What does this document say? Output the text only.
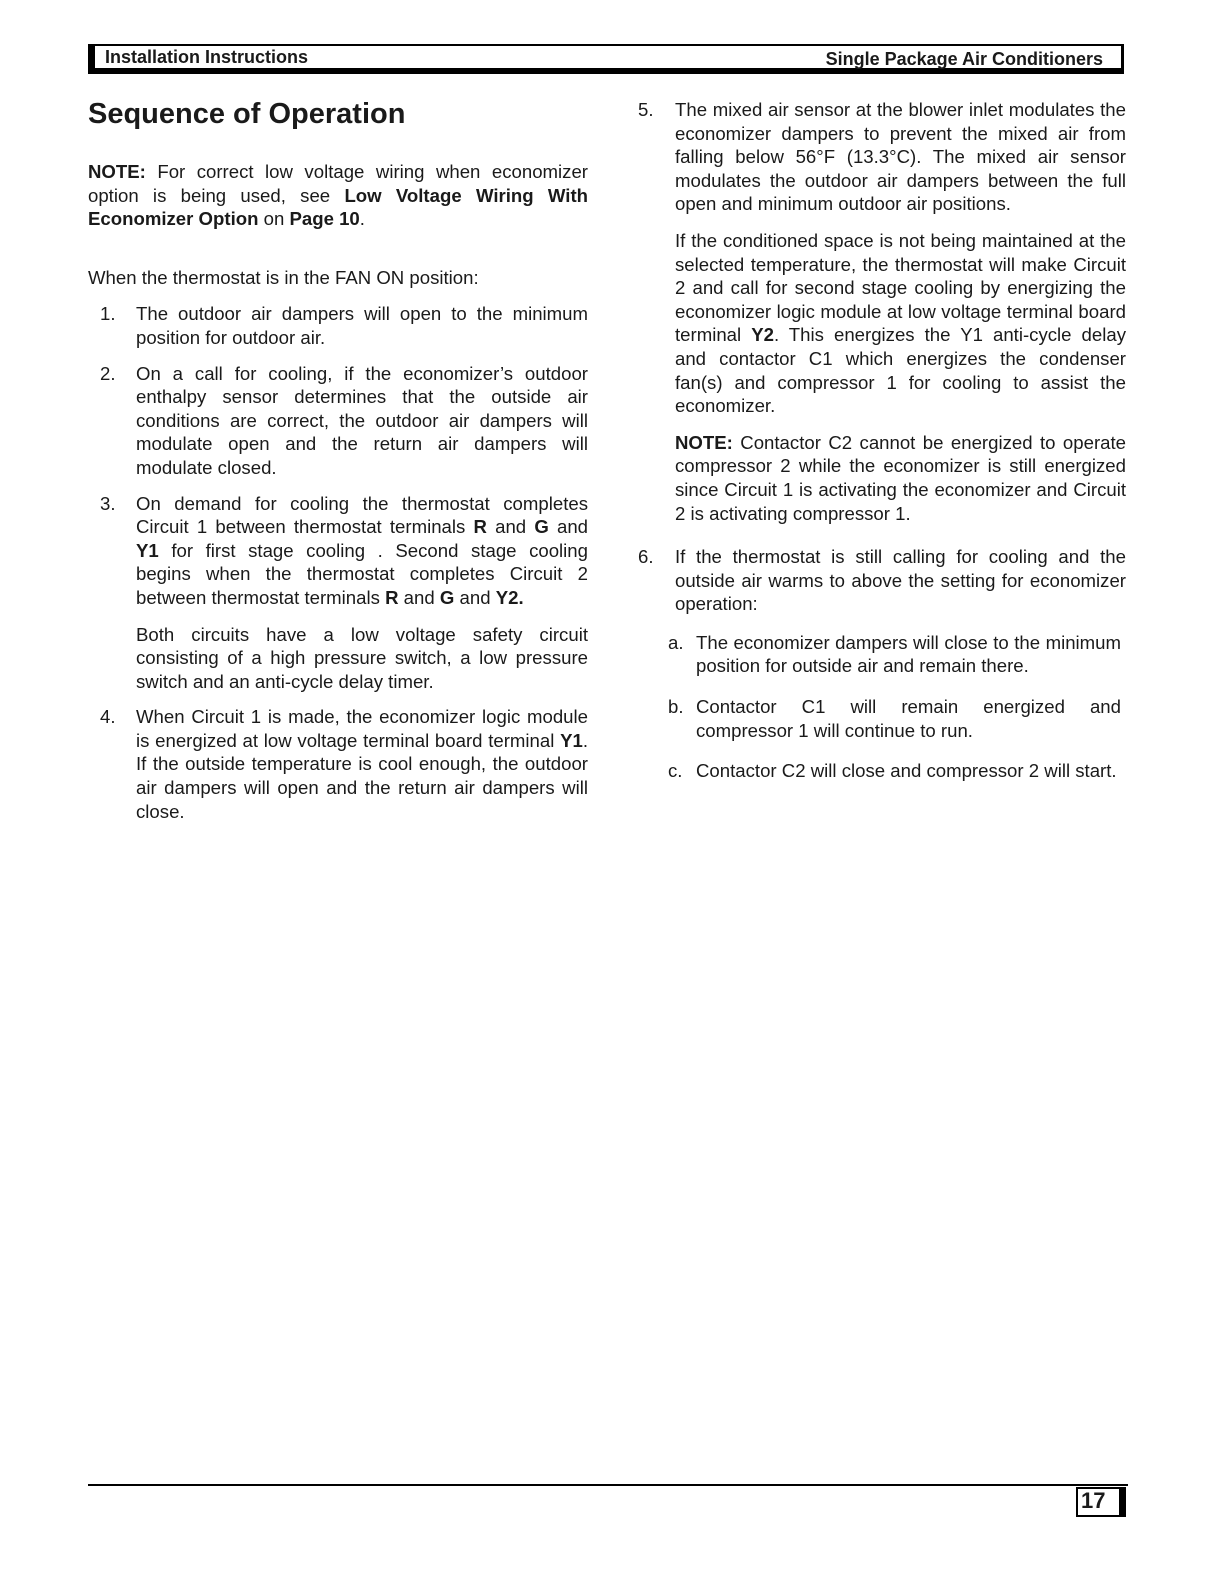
Installation Instructions	Single Package Air Conditioners
Sequence of Operation

NOTE: For correct low voltage wiring when economizer option is being used, see Low Voltage Wiring With Economizer Option on Page 10.

When the thermostat is in the FAN ON position:

1. The outdoor air dampers will open to the minimum position for outdoor air.

2. On a call for cooling, if the economizer’s outdoor enthalpy sensor determines that the outside air conditions are correct, the outdoor air dampers will modulate open and the return air dampers will modulate closed.

3. On demand for cooling the thermostat completes Circuit 1 between thermostat terminals R and G and Y1 for first stage cooling . Second stage cooling begins when the thermostat completes Circuit 2 between thermostat terminals R and G and Y2.

Both circuits have a low voltage safety circuit consisting of a high pressure switch, a low pressure switch and an anti-cycle delay timer.

4. When Circuit 1 is made, the economizer logic module is energized at low voltage terminal board terminal Y1. If the outside temperature is cool enough, the outdoor air dampers will open and the return air dampers will close.

5. The mixed air sensor at the blower inlet modulates the economizer dampers to prevent the mixed air from falling below 56°F (13.3°C). The mixed air sensor modulates the outdoor air dampers between the full open and minimum outdoor air positions.

If the conditioned space is not being maintained at the selected temperature, the thermostat will make Circuit 2 and call for second stage cooling by energizing the economizer logic module at low voltage terminal board terminal Y2. This energizes the Y1 anti-cycle delay and contactor C1 which energizes the condenser fan(s) and compressor 1 for cooling to assist the economizer.

NOTE: Contactor C2 cannot be energized to operate compressor 2 while the economizer is still energized since Circuit 1 is activating the economizer and Circuit 2 is activating compressor 1.

6. If the thermostat is still calling for cooling and the outside air warms to above the setting for economizer operation:

a. The economizer dampers will close to the minimum position for outside air and remain there.

b. Contactor C1 will remain energized and compressor 1 will continue to run.

c. Contactor C2 will close and compressor 2 will start.

17
